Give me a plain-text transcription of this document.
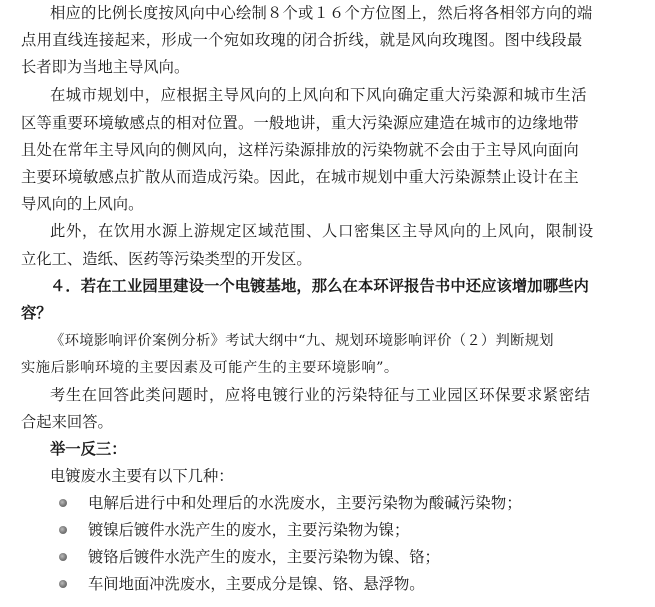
相应的比例长度按风向中心绘制８个或１６个方位图上，然后将各相邻方向的端
点用直线连接起来，形成一个宛如玫瑰的闭合折线，就是风向玫瑰图。图中线段最
长者即为当地主导风向。
在城市规划中，应根据主导风向的上风向和下风向确定重大污染源和城市生活
区等重要环境敏感点的相对位置。一般地讲，重大污染源应建造在城市的边缘地带
且处在常年主导风向的侧风向，这样污染源排放的污染物就不会由于主导风向面向
主要环境敏感点扩散从而造成污染。因此，在城市规划中重大污染源禁止设计在主
导风向的上风向。
此外，在饮用水源上游规定区域范围、人口密集区主导风向的上风向，限制设
立化工、造纸、医药等污染类型的开发区。
４．若在工业园里建设一个电镀基地，那么在本环评报告书中还应该增加哪些内
容？
《环境影响评价案例分析》考试大纲中“九、规划环境影响评价（２）判断规划
实施后影响环境的主要因素及可能产生的主要环境影响”。
考生在回答此类问题时，应将电镀行业的污染特征与工业园区环保要求紧密结
合起来回答。
举一反三：
电镀废水主要有以下几种：
电解后进行中和处理后的水洗废水，主要污染物为酸碱污染物；
镀镍后镀件水洗产生的废水，主要污染物为镍；
镀铬后镀件水洗产生的废水，主要污染物为镍、铬；
车间地面冲洗废水，主要成分是镍、铬、悬浮物。
